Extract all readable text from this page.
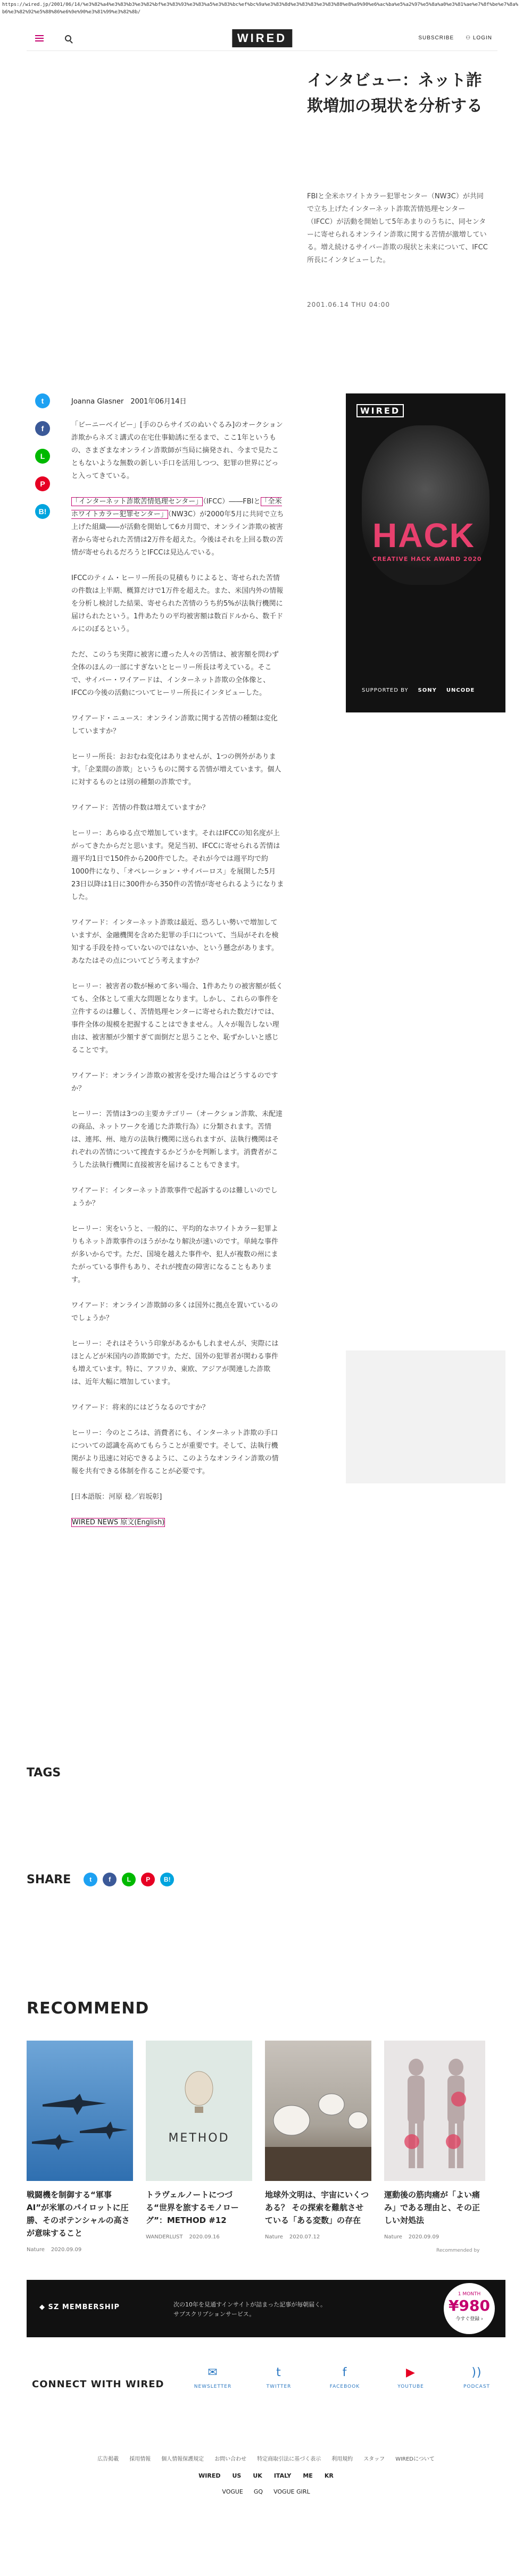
https://wired.jp/2001/06/14/%e3%82%a4%e3%83%b3%e3%82%bf%e3%83%93%e3%83%a5%e3%83%bc%ef%bc%9a%e3%83%8d%e3%83%83%e3%83%88%e8%a9%90%e6%ac%ba%e5%a2%97%e5%8a%a0%e3%81%ae%e7%8f%be%e7%8a%b6%e3%82%92%e5%88%86%e6%9e%90%e3%81%99%e3%82%8b/
WIRED	SUBSCRIBE ⚇ LOGIN
インタビュー：ネット詐欺増加の現状を分析する

FBIと全米ホワイトカラー犯罪センター（NW3C）が共同で立ち上げたインターネット詐欺苦情処理センター（IFCC）が活動を開始して5年あまりのうちに、同センターに寄せられるオンライン詐欺に関する苦情が激増している。増え続けるサイバー詐欺の現状と未来について、IFCC所長にインタビューした。

2001.06.14 THU 04:00
t
f
L
P
B!
Joanna Glasner　 2001年06月14日

「ビーニーベイビー」[手のひらサイズのぬいぐるみ]のオークション詐欺からネズミ講式の在宅仕事勧誘に至るまで、ここ1年というもの、さまざまなオンライン詐欺師が当局に摘発され、今まで見たこともないような無数の新しい手口を活用しつつ、犯罪の世界にどっと入ってきている。

「インターネット詐欺苦情処理センター」（IFCC）――FBIと「全米ホワイトカラー犯罪センター」（NW3C）が2000年5月に共同で立ち上げた組織――が活動を開始して6カ月間で、オンライン詐欺の被害者から寄せられた苦情は2万件を超えた。今後はそれを上回る数の苦情が寄せられるだろうとIFCCは見込んでいる。

IFCCのティム・ヒーリー所長の見積もりによると、寄せられた苦情の件数は上半期、概算だけで1万件を超えた。また、米国内外の情報を分析し検討した結果、寄せられた苦情のうち約5%が法執行機関に届けられたという。1件あたりの平均被害額は数百ドルから、数千ドルにのぼるという。

ただ、このうち実際に被害に遭った人々の苦情は、被害額を問わず全体のほんの一部にすぎないとヒーリー所長は考えている。そこで、サイバー・ワイアードは、インターネット詐欺の全体像と、IFCCの今後の活動についてヒーリー所長にインタビューした。

ワイアード・ニュース：オンライン詐欺に関する苦情の種類は変化していますか？

ヒーリー所長：おおむね変化はありませんが、1つの例外があります。「企業間の詐欺」というものに関する苦情が増えています。個人に対するものとは別の種類の詐欺です。

ワイアード：苦情の件数は増えていますか？

ヒーリー：あらゆる点で増加しています。それはIFCCの知名度が上がってきたからだと思います。発足当初、IFCCに寄せられる苦情は週平均1日で150件から200件でした。それが今では週平均で約1000件になり、「オペレーション・サイバーロス」を展開した5月23日以降は1日に300件から350件の苦情が寄せられるようになりました。

ワイアード：インターネット詐欺は最近、恐ろしい勢いで増加していますが、金融機関を含めた犯罪の手口について、当局がそれを検知する手段を持っていないのではないか、という懸念があります。あなたはその点についてどう考えますか？

ヒーリー：被害者の数が極めて多い場合、1件あたりの被害額が低くても、全体として重大な問題となります。しかし、これらの事件を立件するのは難しく、苦情処理センターに寄せられた数だけでは、事件全体の規模を把握することはできません。人々が報告しない理由は、被害額が少額すぎて面倒だと思うことや、恥ずかしいと感じることです。

ワイアード：オンライン詐欺の被害を受けた場合はどうするのですか？

ヒーリー：苦情は3つの主要カテゴリー（オークション詐欺、未配達の商品、ネットワークを通じた詐欺行為）に分類されます。苦情は、連邦、州、地方の法執行機関に送られますが、法執行機関はそれぞれの苦情について捜査するかどうかを判断します。消費者がこうした法執行機関に直接被害を届けることもできます。

ワイアード：インターネット詐欺事件で起訴するのは難しいのでしょうか？

ヒーリー：実をいうと、一般的に、平均的なホワイトカラー犯罪よりもネット詐欺事件のほうがかなり解決が速いのです。単純な事件が多いからです。ただ、国境を越えた事件や、犯人が複数の州にまたがっている事件もあり、それが捜査の障害になることもあります。

ワイアード：オンライン詐欺師の多くは国外に拠点を置いているのでしょうか？

ヒーリー：それはそういう印象があるかもしれませんが、実際にはほとんどが米国内の詐欺師です。ただ、国外の犯罪者が関わる事件も増えています。特に、アフリカ、東欧、アジアが関連した詐欺は、近年大幅に増加しています。

ワイアード：将来的にはどうなるのですか？

ヒーリー：今のところは、消費者にも、インターネット詐欺の手口についての認識を高めてもらうことが重要です。そして、法執行機関がより迅速に対応できるように、このようなオンライン詐欺の情報を共有できる体制を作ることが必要です。

[日本語版：河原 稔／岩坂彰]

WIRED NEWS 原文(English)

WIRED
HACK
CREATIVE HACK AWARD 2020
SUPPORTED BY SONY UNCODE
TAGS
SHARE	t	f	L	P	B!
RECOMMEND
戦闘機を制御する“軍事AI”が米軍のパイロットに圧勝、そのポテンシャルの高さが意味すること
Nature 2020.09.09
METHOD
トラヴェルノートにつづる“世界を旅するモノローグ”：METHOD #12
WANDERLUST 2020.09.16
地球外文明は、宇宙にいくつある？ その探索を難航させている「ある変数」の存在
Nature 2020.07.12
運動後の筋肉痛が「よい痛み」である理由と、その正しい対処法
Nature 2020.09.09
Recommended by
◆ SZ MEMBERSHIP	次の10年を見通すインサイトが詰まった記事が毎朝届く。
サブスクリプションサービス。
1 MONTH
¥980
今すぐ登録 ›
CONNECT WITH WIRED
✉
NEWSLETTER
t
TWITTER
f
FACEBOOK
▶
YOUTUBE
))
PODCAST
広告掲載 採用情報 個人情報保護規定 お問い合わせ 特定商取引法に基づく表示 利用規約 スタッフ WIREDについて
WIRED US UK ITALY ME KR
VOGUE GQ VOGUE GIRL
